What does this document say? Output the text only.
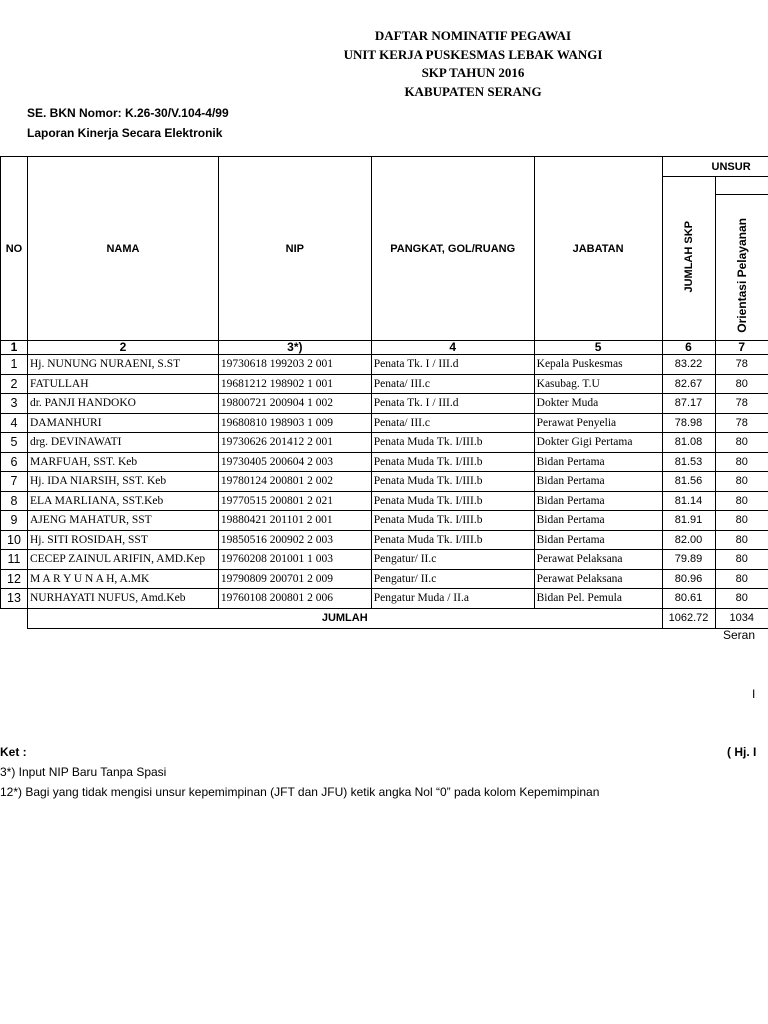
DAFTAR NOMINATIF PEGAWAI
UNIT KERJA PUSKESMAS LEBAK WANGI
SKP TAHUN 2016
KABUPATEN SERANG
SE. BKN Nomor: K.26-30/V.104-4/99
Laporan Kinerja Secara Elektronik
NO	NAMA	NIP	PANGKAT, GOL/RUANG	JABATAN	UNSUR	
					JUMLAH SKP	
						Orientasi Pelayanan
1	2	3*)	4	5	6	7
1	Hj. NUNUNG NURAENI, S.ST	19730618 199203 2 001	Penata Tk. I / III.d	Kepala Puskesmas	83.22	78
2	FATULLAH	19681212 198902 1 001	Penata/ III.c	Kasubag. T.U	82.67	80
3	dr. PANJI HANDOKO	19800721 200904 1 002	Penata Tk. I / III.d	Dokter Muda	87.17	78
4	DAMANHURI	19680810 198903 1 009	Penata/ III.c	Perawat Penyelia	78.98	78
5	drg. DEVINAWATI	19730626 201412 2 001	Penata Muda Tk. I/III.b	Dokter Gigi Pertama	81.08	80
6	MARFUAH, SST. Keb	19730405 200604 2 003	Penata Muda Tk. I/III.b	Bidan Pertama	81.53	80
7	Hj. IDA NIARSIH, SST. Keb	19780124 200801 2 002	Penata Muda Tk. I/III.b	Bidan Pertama	81.56	80
8	ELA MARLIANA, SST.Keb	19770515 200801 2 021	Penata Muda Tk. I/III.b	Bidan Pertama	81.14	80
9	AJENG MAHATUR, SST	19880421 201101 2 001	Penata Muda Tk. I/III.b	Bidan Pertama	81.91	80
10	Hj. SITI ROSIDAH, SST	19850516 200902 2 003	Penata Muda Tk. I/III.b	Bidan Pertama	82.00	80
11	CECEP ZAINUL ARIFIN, AMD.Kep	19760208 201001 1 003	Pengatur/ II.c	Perawat Pelaksana	79.89	80
12	M A R Y U N A H, A.MK	19790809 200701 2 009	Pengatur/ II.c	Perawat Pelaksana	80.96	80
13	NURHAYATI NUFUS, Amd.Keb	19760108 200801 2 006	Pengatur Muda / II.a	Bidan Pel. Pemula	80.61	80
	JUMLAH				1062.72	1034
Seran
I
Ket :	( Hj. I
3*) Input NIP Baru Tanpa Spasi
12*) Bagi yang tidak mengisi unsur kepemimpinan (JFT dan JFU) ketik angka Nol “0” pada kolom Kepemimpinan
